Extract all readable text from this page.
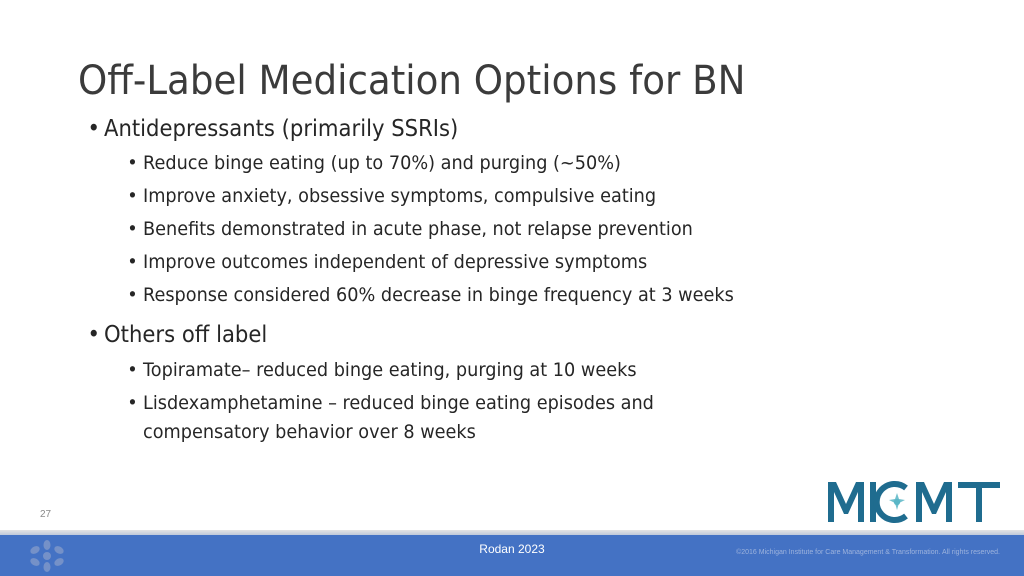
Off-Label Medication Options for BN
• Antidepressants (primarily SSRIs)
• Reduce binge eating (up to 70%) and purging (~50%)
• Improve anxiety, obsessive symptoms, compulsive eating
• Benefits demonstrated in acute phase, not relapse prevention
• Improve outcomes independent of depressive symptoms
• Response considered 60% decrease in binge frequency at 3 weeks
• Others off label
• Topiramate– reduced binge eating, purging at 10 weeks
• Lisdexamphetamine – reduced binge eating episodes and
compensatory behavior over 8 weeks
27
MICMT
Rodan 2023	©2016 Michigan Institute for Care Management & Transformation. All rights reserved.
